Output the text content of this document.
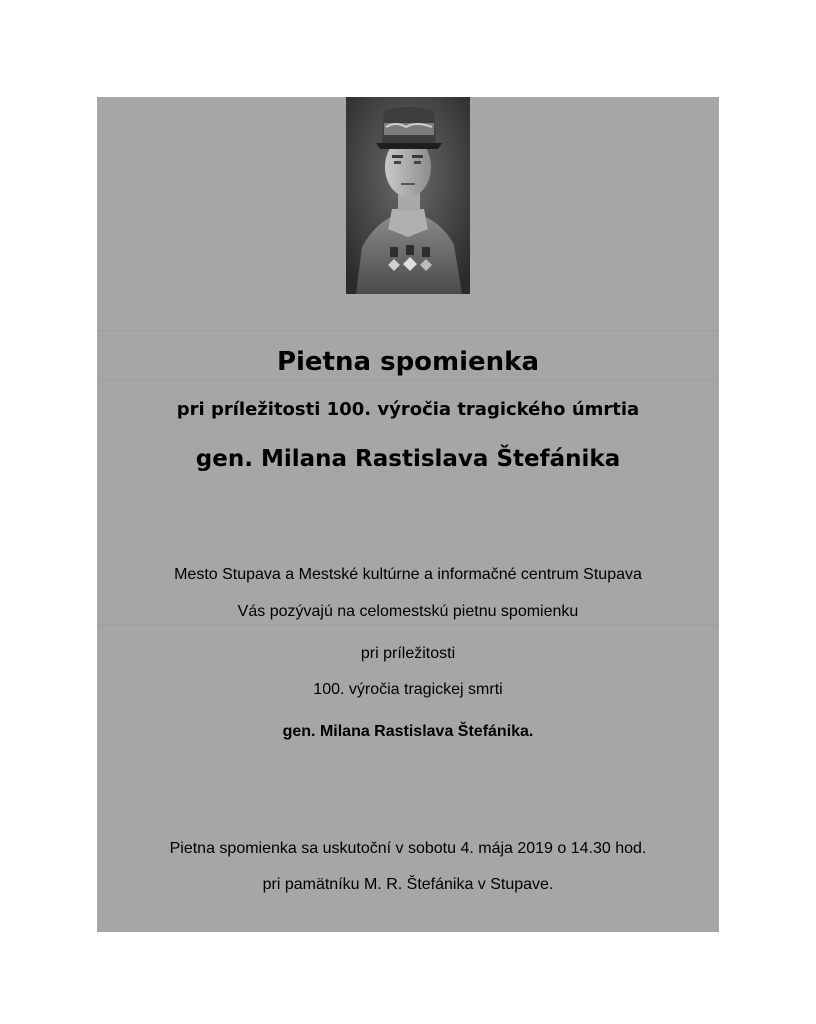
Pietna spomienka
pri príležitosti 100. výročia tragického úmrtia
gen. Milana Rastislava Štefánika
Mesto Stupava a Mestské kultúrne a informačné centrum Stupava
Vás pozývajú na celomestskú pietnu spomienku
pri príležitosti
100. výročia tragickej smrti
gen. Milana Rastislava Štefánika.
Pietna spomienka sa uskutoční v sobotu 4. mája 2019 o 14.30 hod.
pri pamätníku M. R. Štefánika v Stupave.
